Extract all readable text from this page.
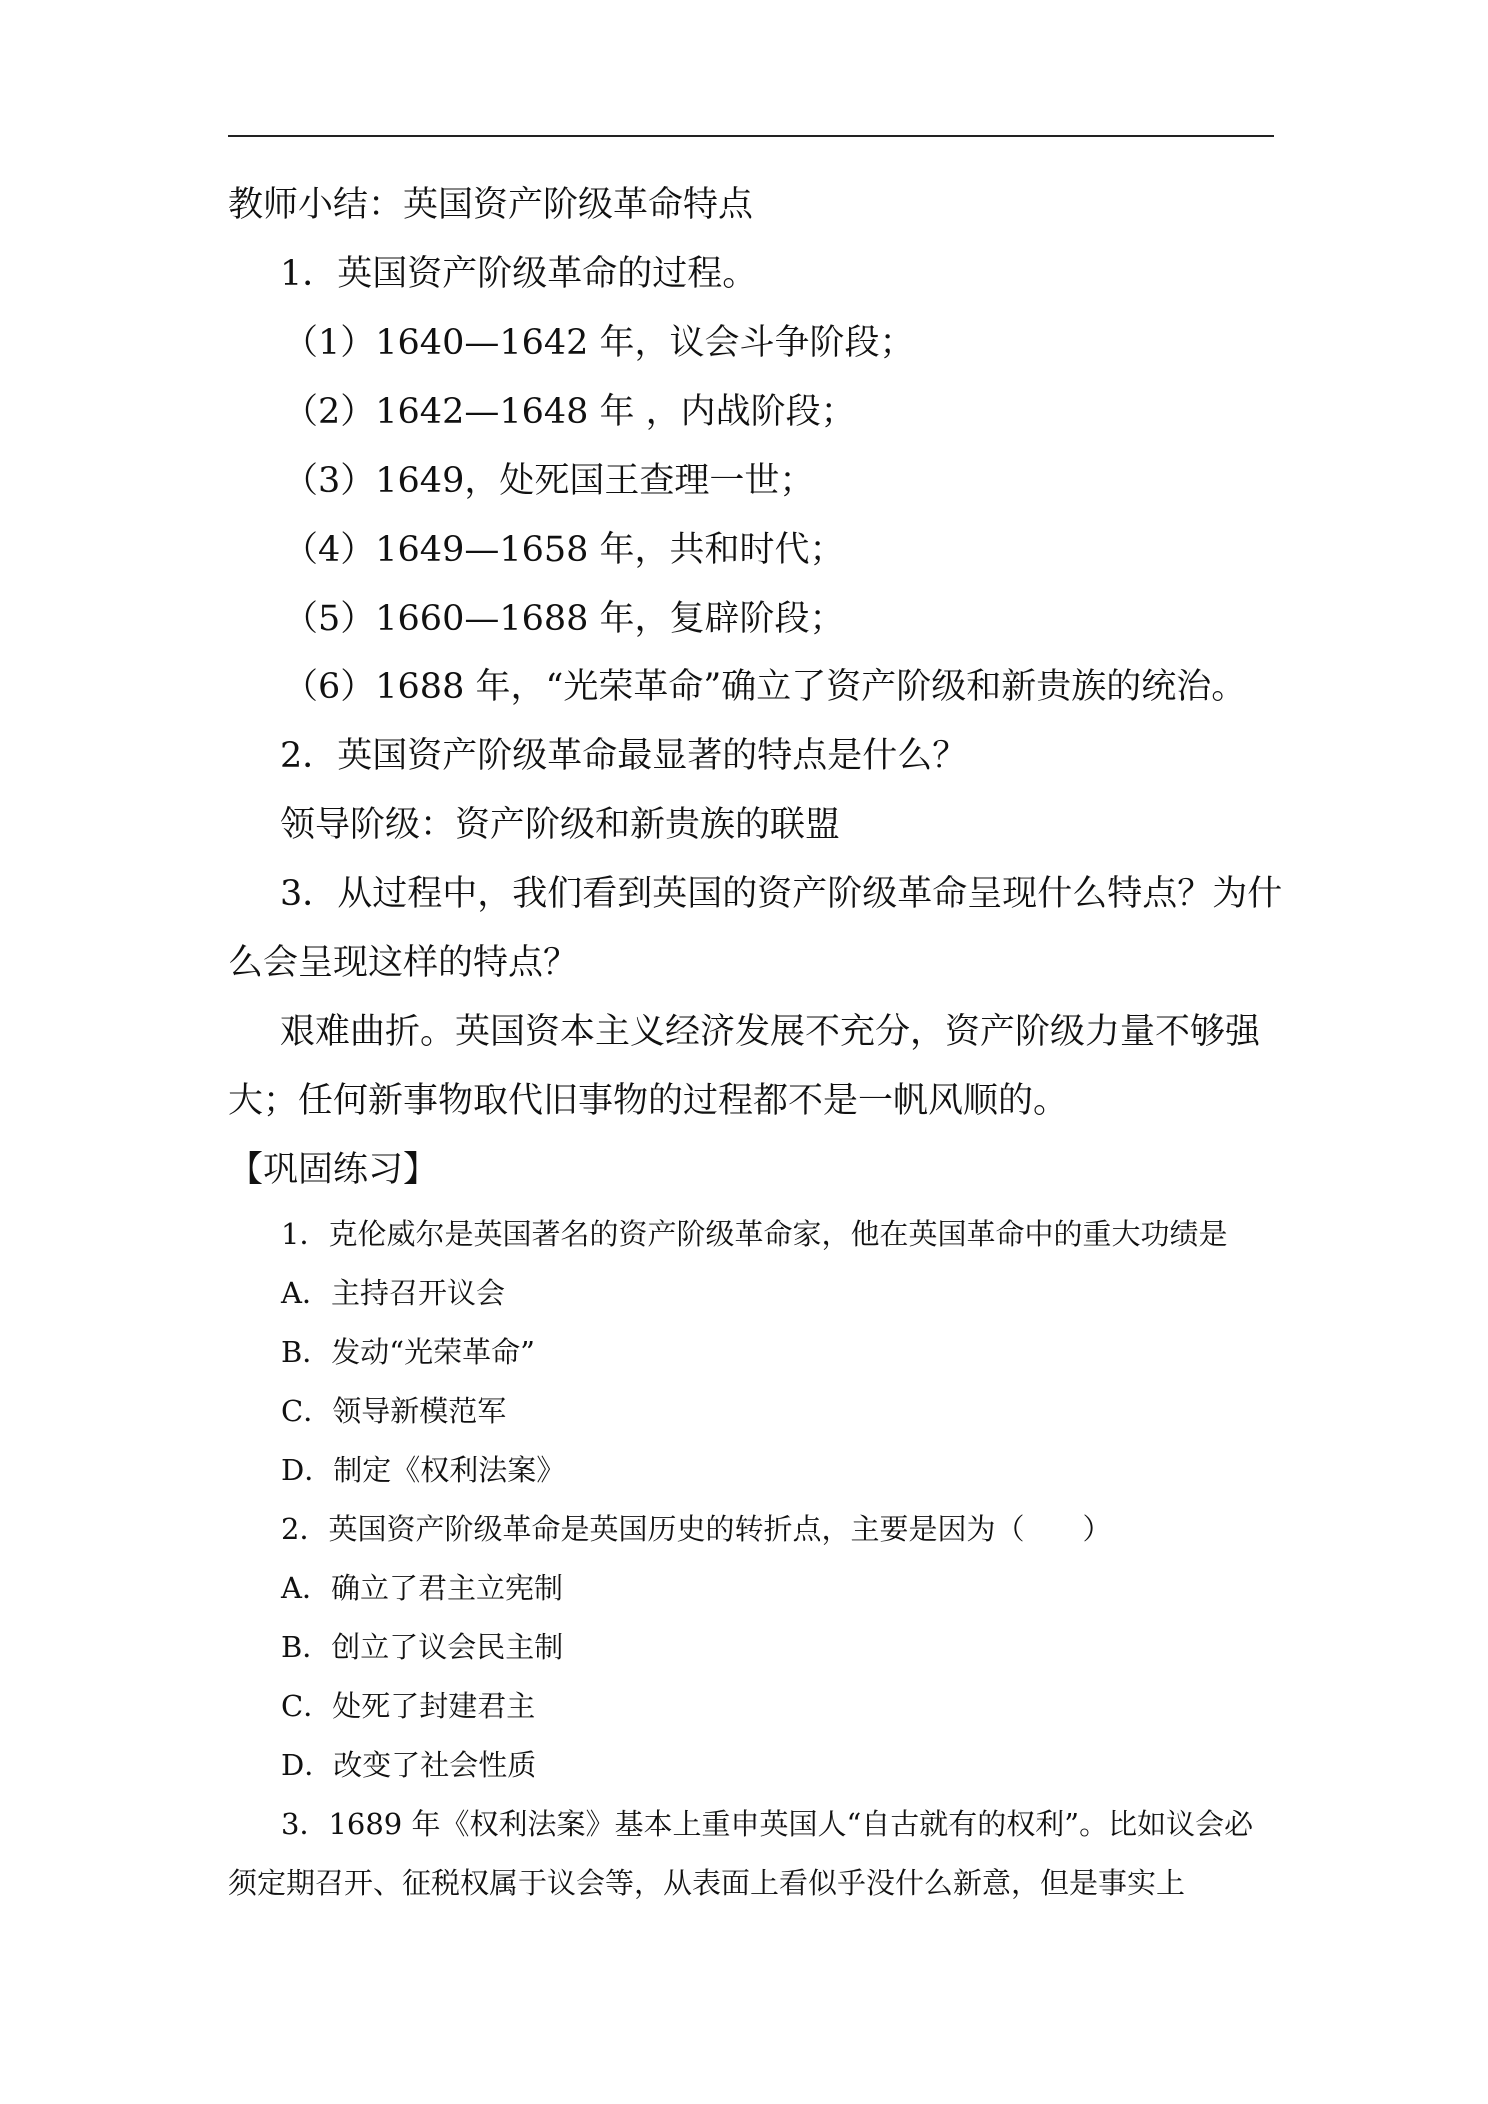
教师小结：英国资产阶级革命特点
1．英国资产阶级革命的过程。
（1）1640—1642 年，议会斗争阶段；
（2）1642—1648 年 ，内战阶段；
（3）1649，处死国王查理一世；
（4）1649—1658 年，共和时代；
（5）1660—1688 年，复辟阶段；
（6）1688 年，“光荣革命”确立了资产阶级和新贵族的统治。
2．英国资产阶级革命最显著的特点是什么？
领导阶级：资产阶级和新贵族的联盟
3．从过程中，我们看到英国的资产阶级革命呈现什么特点？为什
么会呈现这样的特点？
艰难曲折。英国资本主义经济发展不充分，资产阶级力量不够强
大；任何新事物取代旧事物的过程都不是一帆风顺的。
【巩固练习】
1．克伦威尔是英国著名的资产阶级革命家，他在英国革命中的重大功绩是
A．主持召开议会
B．发动“光荣革命”
C．领导新模范军
D．制定《权利法案》
2．英国资产阶级革命是英国历史的转折点，主要是因为（　　）
A．确立了君主立宪制
B．创立了议会民主制
C．处死了封建君主
D．改变了社会性质
3．1689 年《权利法案》基本上重申英国人“自古就有的权利”。比如议会必
须定期召开、征税权属于议会等，从表面上看似乎没什么新意，但是事实上
